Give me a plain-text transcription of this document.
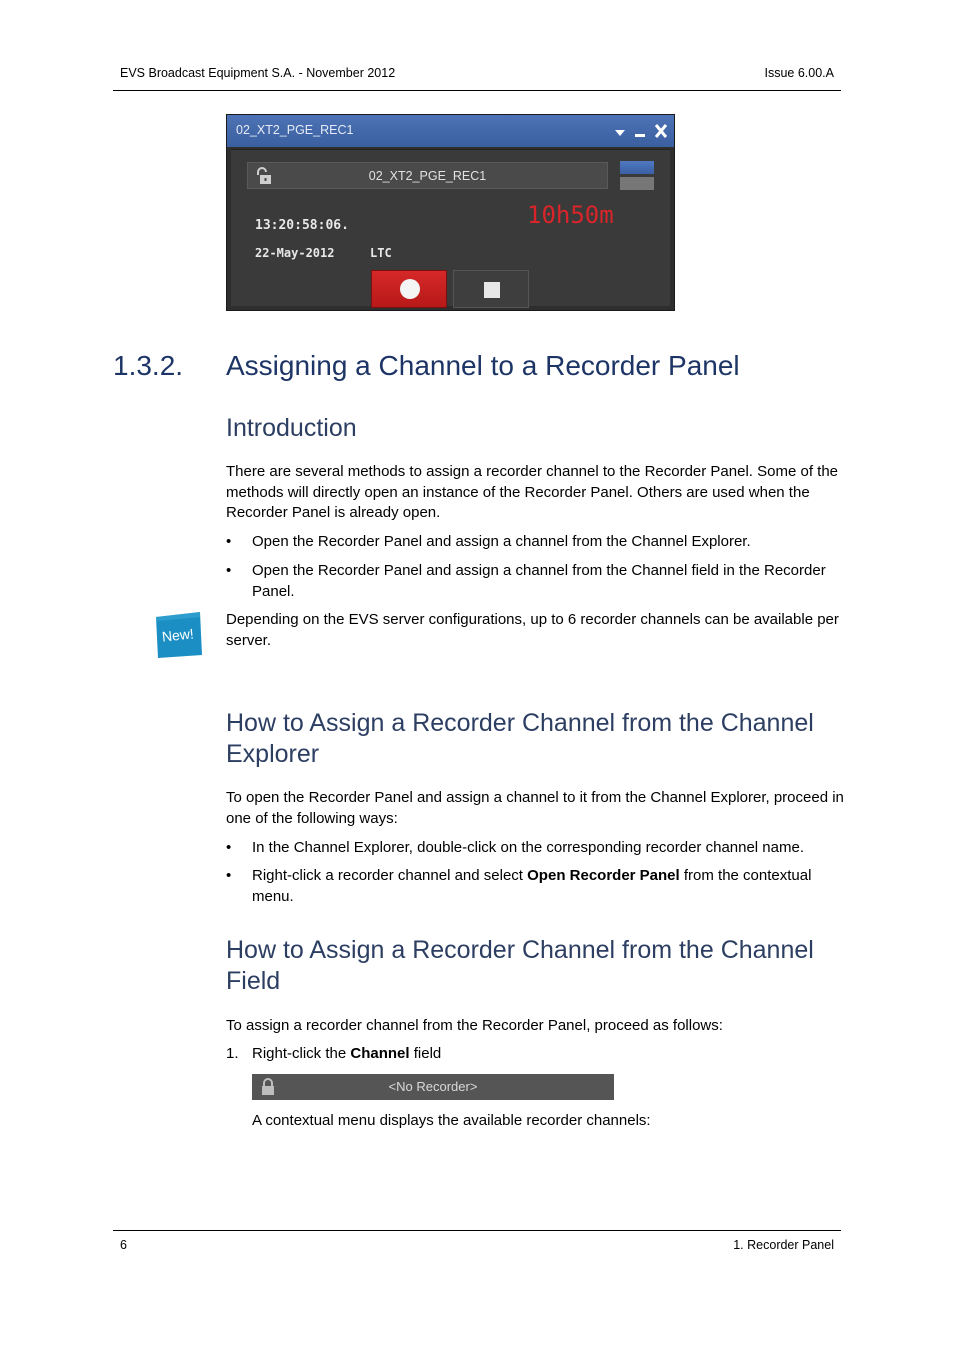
EVS Broadcast Equipment S.A. - November 2012	Issue 6.00.A
02_XT2_PGE_REC1
02_XT2_PGE_REC1
13:20:58:06.
22-May-2012	LTC
10h50m
1.3.2. Assigning a Channel to a Recorder Panel
Introduction
There are several methods to assign a recorder channel to the Recorder Panel. Some of the methods will directly open an instance of the Recorder Panel. Others are used when the Recorder Panel is already open.
• Open the Recorder Panel and assign a channel from the Channel Explorer.
• Open the Recorder Panel and assign a channel from the Channel field in the Recorder Panel.
New!
Depending on the EVS server configurations, up to 6 recorder channels can be available per server.
How to Assign a Recorder Channel from the Channel Explorer
To open the Recorder Panel and assign a channel to it from the Channel Explorer, proceed in one of the following ways:
• In the Channel Explorer, double-click on the corresponding recorder channel name.
• Right-click a recorder channel and select Open Recorder Panel from the contextual menu.
How to Assign a Recorder Channel from the Channel Field
To assign a recorder channel from the Recorder Panel, proceed as follows:
1. Right-click the Channel field
<No Recorder>
A contextual menu displays the available recorder channels:
6	1. Recorder Panel
